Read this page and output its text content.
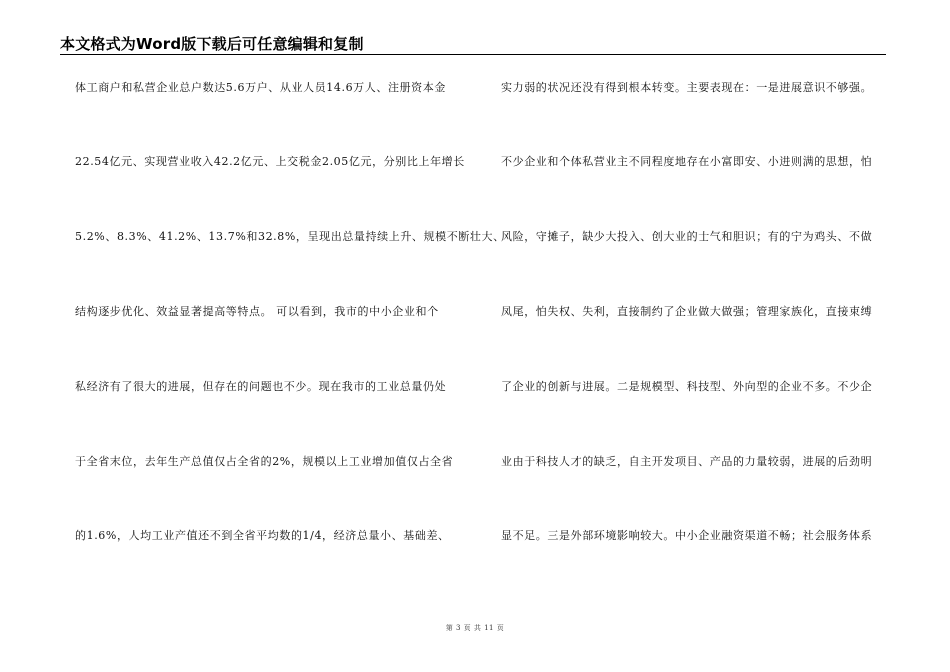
本文格式为Word版下载后可任意编辑和复制
体工商户和私营企业总户数达5.6万户、从业人员14.6万人、注册资本金
22.54亿元、实现营业收入42.2亿元、上交税金2.05亿元，分别比上年增长
5.2%、8.3%、41.2%、13.7%和32.8%，呈现出总量持续上升、规模不断壮大、
结构逐步优化、效益显著提高等特点。 可以看到，我市的中小企业和个
私经济有了很大的进展，但存在的问题也不少。现在我市的工业总量仍处
于全省末位，去年生产总值仅占全省的2%，规模以上工业增加值仅占全省
的1.6%，人均工业产值还不到全省平均数的1/4，经济总量小、基础差、
实力弱的状况还没有得到根本转变。主要表现在：一是进展意识不够强。
不少企业和个体私营业主不同程度地存在小富即安、小进则满的思想，怕
风险，守摊子，缺少大投入、创大业的士气和胆识；有的宁为鸡头、不做
凤尾，怕失权、失利，直接制约了企业做大做强；管理家族化，直接束缚
了企业的创新与进展。二是规模型、科技型、外向型的企业不多。不少企
业由于科技人才的缺乏，自主开发项目、产品的力量较弱，进展的后劲明
显不足。三是外部环境影响较大。中小企业融资渠道不畅；社会服务体系
第 3 页 共 11 页
